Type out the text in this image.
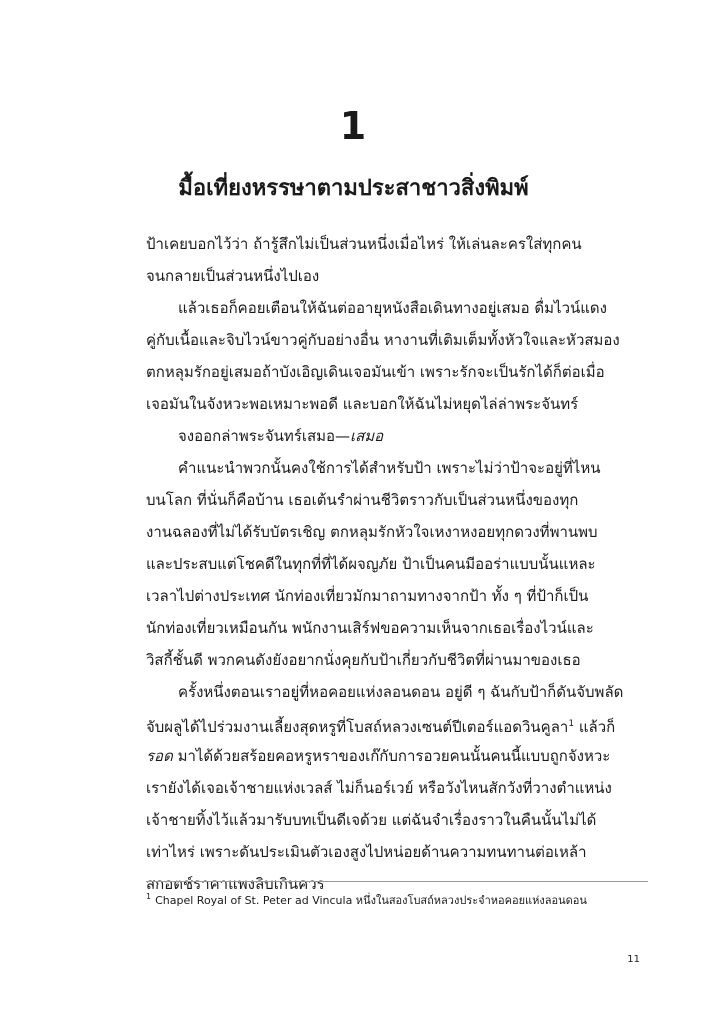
1
มื้อเที่ยงหรรษาตามประสาชาวสิ่งพิมพ์
ป้าเคยบอกไว้ว่า ถ้ารู้สึกไม่เป็นส่วนหนึ่งเมื่อไหร่ ให้เล่นละครใส่ทุกคน
จนกลายเป็นส่วนหนึ่งไปเอง
แล้วเธอก็คอยเตือนให้ฉันต่ออายุหนังสือเดินทางอยู่เสมอ ดื่มไวน์แดง
คู่กับเนื้อและจิบไวน์ขาวคู่กับอย่างอื่น หางานที่เติมเต็มทั้งหัวใจและหัวสมอง
ตกหลุมรักอยู่เสมอถ้าบังเอิญเดินเจอมันเข้า เพราะรักจะเป็นรักได้ก็ต่อเมื่อ
เจอมันในจังหวะพอเหมาะพอดี และบอกให้ฉันไม่หยุดไล่ล่าพระจันทร์
จงออกล่าพระจันทร์เสมอ—เสมอ
คำแนะนำพวกนั้นคงใช้การได้สำหรับป้า เพราะไม่ว่าป้าจะอยู่ที่ไหน
บนโลก ที่นั่นก็คือบ้าน เธอเต้นรำผ่านชีวิตราวกับเป็นส่วนหนึ่งของทุก
งานฉลองที่ไม่ได้รับบัตรเชิญ ตกหลุมรักหัวใจเหงาหงอยทุกดวงที่พานพบ
และประสบแต่โชคดีในทุกที่ที่ได้ผจญภัย ป้าเป็นคนมีออร่าแบบนั้นแหละ
เวลาไปต่างประเทศ นักท่องเที่ยวมักมาถามทางจากป้า ทั้ง ๆ ที่ป้าก็เป็น
นักท่องเที่ยวเหมือนกัน พนักงานเสิร์ฟขอความเห็นจากเธอเรื่องไวน์และ
วิสกี้ชั้นดี พวกคนดังยังอยากนั่งคุยกับป้าเกี่ยวกับชีวิตที่ผ่านมาของเธอ
ครั้งหนึ่งตอนเราอยู่ที่หอคอยแห่งลอนดอน อยู่ดี ๆ ฉันกับป้าก็ดันจับพลัด
จับผลูได้ไปร่วมงานเลี้ยงสุดหรูที่โบสถ์หลวงเซนต์ปีเตอร์แอดวินคูลา$^1$ แล้วก็
รอด มาได้ด้วยสร้อยคอหรูหราของเก๊กับการอวยคนนั้นคนนี้แบบถูกจังหวะ
เรายังได้เจอเจ้าชายแห่งเวลส์ ไม่ก็นอร์เวย์ หรือวังไหนสักวังที่วางตำแหน่ง
เจ้าชายทิ้งไว้แล้วมารับบทเป็นดีเจด้วย แต่ฉันจำเรื่องราวในคืนนั้นไม่ได้
เท่าไหร่ เพราะดันประเมินตัวเองสูงไปหน่อยด้านความทนทานต่อเหล้า
สกอตช์ราคาแพงลิบเกินควร
$^1$ Chapel Royal of St. Peter ad Vincula หนึ่งในสองโบสถ์หลวงประจำหอคอยแห่งลอนดอน
11
